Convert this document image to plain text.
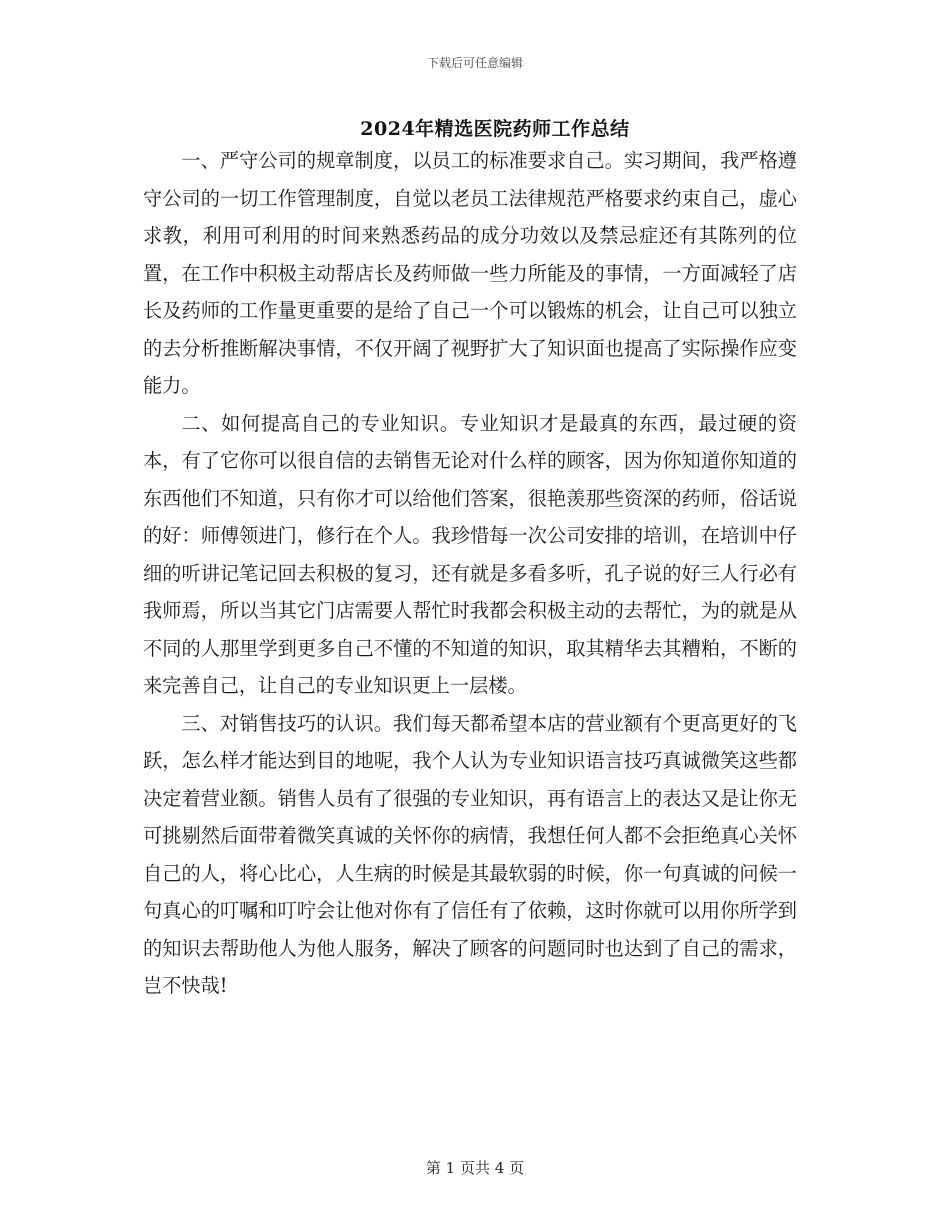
下载后可任意编辑
2024年精选医院药师工作总结

一、严守公司的规章制度，以员工的标准要求自己。实习期间，我严格遵守公司的一切工作管理制度，自觉以老员工法律规范严格要求约束自己，虚心求教，利用可利用的时间来熟悉药品的成分功效以及禁忌症还有其陈列的位置，在工作中积极主动帮店长及药师做一些力所能及的事情，一方面减轻了店长及药师的工作量更重要的是给了自己一个可以锻炼的机会，让自己可以独立的去分析推断解决事情，不仅开阔了视野扩大了知识面也提高了实际操作应变能力。

二、如何提高自己的专业知识。专业知识才是最真的东西，最过硬的资本，有了它你可以很自信的去销售无论对什么样的顾客，因为你知道你知道的东西他们不知道，只有你才可以给他们答案，很艳羡那些资深的药师，俗话说的好：师傅领进门，修行在个人。我珍惜每一次公司安排的培训，在培训中仔细的听讲记笔记回去积极的复习，还有就是多看多听，孔子说的好三人行必有我师焉，所以当其它门店需要人帮忙时我都会积极主动的去帮忙，为的就是从不同的人那里学到更多自己不懂的不知道的知识，取其精华去其糟粕，不断的来完善自己，让自己的专业知识更上一层楼。

三、对销售技巧的认识。我们每天都希望本店的营业额有个更高更好的飞跃，怎么样才能达到目的地呢，我个人认为专业知识语言技巧真诚微笑这些都决定着营业额。销售人员有了很强的专业知识，再有语言上的表达又是让你无可挑剔然后面带着微笑真诚的关怀你的病情，我想任何人都不会拒绝真心关怀自己的人，将心比心，人生病的时候是其最软弱的时候，你一句真诚的问候一句真心的叮嘱和叮咛会让他对你有了信任有了依赖，这时你就可以用你所学到的知识去帮助他人为他人服务，解决了顾客的问题同时也达到了自己的需求，岂不快哉!

第 1 页共 4 页
